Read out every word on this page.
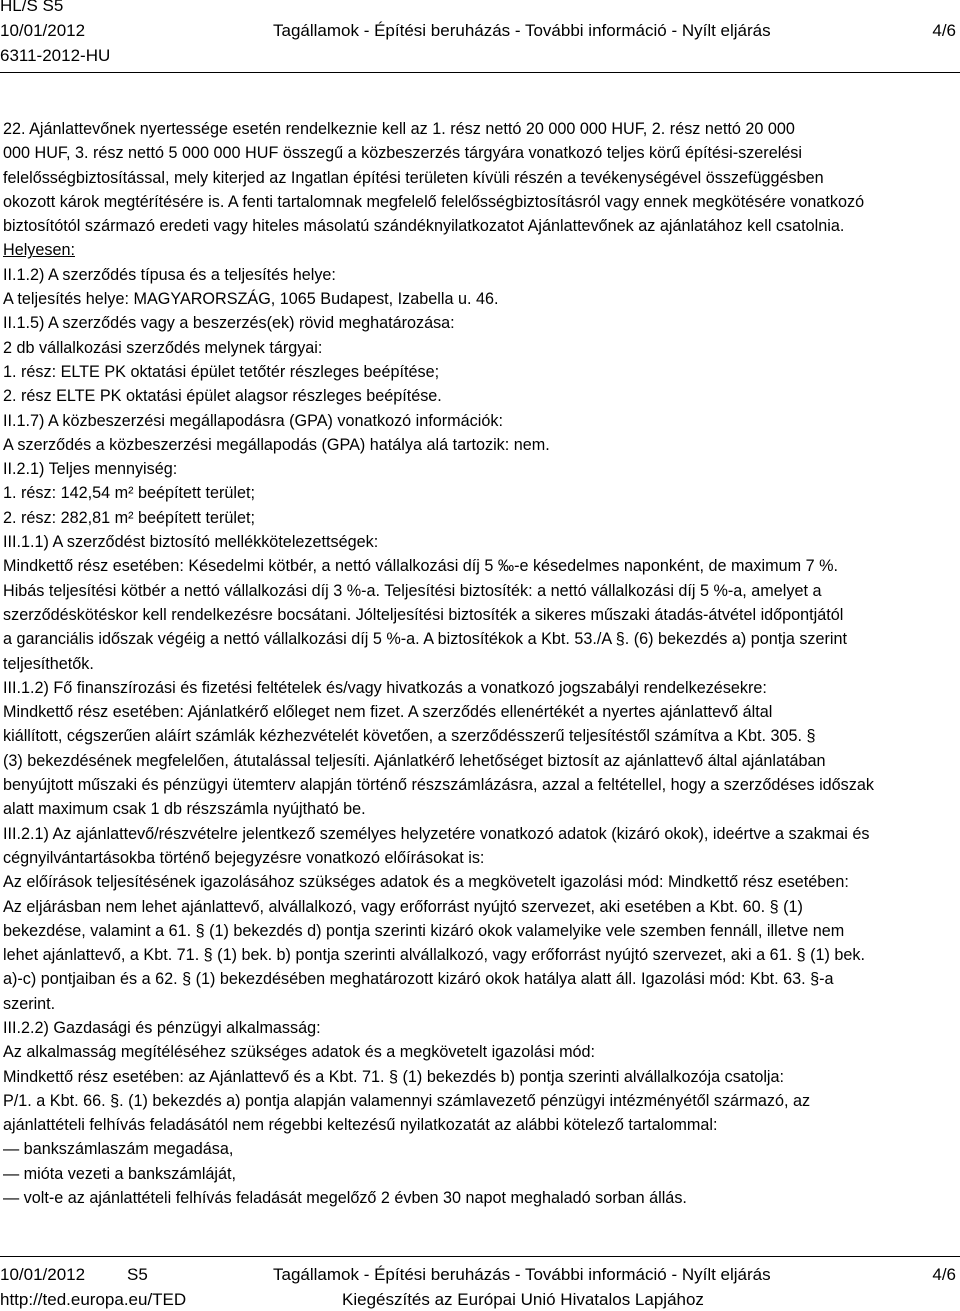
HL/S S5
10/01/2012	Tagállamok - Építési beruházás - További információ - Nyílt eljárás	4/6
6311-2012-HU

22. Ajánlattevőnek nyertessége esetén rendelkeznie kell az 1. rész nettó 20 000 000 HUF, 2. rész nettó 20 000

000 HUF, 3. rész nettó 5 000 000 HUF összegű a közbeszerzés tárgyára vonatkozó teljes körű építési-szerelési

felelősségbiztosítással, mely kiterjed az Ingatlan építési területen kívüli részén a tevékenységével összefüggésben

okozott károk megtérítésére is. A fenti tartalomnak megfelelő felelősségbiztosításról vagy ennek megkötésére vonatkozó

biztosítótól származó eredeti vagy hiteles másolatú szándéknyilatkozatot Ajánlattevőnek az ajánlatához kell csatolnia.

Helyesen:

II.1.2) A szerződés típusa és a teljesítés helye:

A teljesítés helye: MAGYARORSZÁG, 1065 Budapest, Izabella u. 46.

II.1.5) A szerződés vagy a beszerzés(ek) rövid meghatározása:

2 db vállalkozási szerződés melynek tárgyai:

1. rész: ELTE PK oktatási épület tetőtér részleges beépítése;

2. rész ELTE PK oktatási épület alagsor részleges beépítése.

II.1.7) A közbeszerzési megállapodásra (GPA) vonatkozó információk:

A szerződés a közbeszerzési megállapodás (GPA) hatálya alá tartozik: nem.

II.2.1) Teljes mennyiség:

1. rész: 142,54 m² beépített terület;

2. rész: 282,81 m² beépített terület;

III.1.1) A szerződést biztosító mellékkötelezettségek:

Mindkettő rész esetében: Késedelmi kötbér, a nettó vállalkozási díj 5 ‰-e késedelmes naponként, de maximum 7 %.

Hibás teljesítési kötbér a nettó vállalkozási díj 3 %-a. Teljesítési biztosíték: a nettó vállalkozási díj 5 %-a, amelyet a

szerződéskötéskor kell rendelkezésre bocsátani. Jólteljesítési biztosíték a sikeres műszaki átadás-átvétel időpontjától

a garanciális időszak végéig a nettó vállalkozási díj 5 %-a. A biztosítékok a Kbt. 53./A §. (6) bekezdés a) pontja szerint

teljesíthetők.

III.1.2) Fő finanszírozási és fizetési feltételek és/vagy hivatkozás a vonatkozó jogszabályi rendelkezésekre:

Mindkettő rész esetében: Ajánlatkérő előleget nem fizet. A szerződés ellenértékét a nyertes ajánlattevő által

kiállított, cégszerűen aláírt számlák kézhezvételét követően, a szerződésszerű teljesítéstől számítva a Kbt. 305. §

(3) bekezdésének megfelelően, átutalással teljesíti. Ajánlatkérő lehetőséget biztosít az ajánlattevő által ajánlatában

benyújtott műszaki és pénzügyi ütemterv alapján történő részszámlázásra, azzal a feltétellel, hogy a szerződéses időszak

alatt maximum csak 1 db részszámla nyújtható be.

III.2.1) Az ajánlattevő/részvételre jelentkező személyes helyzetére vonatkozó adatok (kizáró okok), ideértve a szakmai és

cégnyilvántartásokba történő bejegyzésre vonatkozó előírásokat is:

Az előírások teljesítésének igazolásához szükséges adatok és a megkövetelt igazolási mód: Mindkettő rész esetében:

Az eljárásban nem lehet ajánlattevő, alvállalkozó, vagy erőforrást nyújtó szervezet, aki esetében a Kbt. 60. § (1)

bekezdése, valamint a 61. § (1) bekezdés d) pontja szerinti kizáró okok valamelyike vele szemben fennáll, illetve nem

lehet ajánlattevő, a Kbt. 71. § (1) bek. b) pontja szerinti alvállalkozó, vagy erőforrást nyújtó szervezet, aki a 61. § (1) bek.

a)-c) pontjaiban és a 62. § (1) bekezdésében meghatározott kizáró okok hatálya alatt áll. Igazolási mód: Kbt. 63. §-a

szerint.

III.2.2) Gazdasági és pénzügyi alkalmasság:

Az alkalmasság megítéléséhez szükséges adatok és a megkövetelt igazolási mód:

Mindkettő rész esetében: az Ajánlattevő és a Kbt. 71. § (1) bekezdés b) pontja szerinti alvállalkozója csatolja:

P/1. a Kbt. 66. §. (1) bekezdés a) pontja alapján valamennyi számlavezető pénzügyi intézményétől származó, az

ajánlattételi felhívás feladásától nem régebbi keltezésű nyilatkozatát az alábbi kötelező tartalommal:

— bankszámlaszám megadása,

— mióta vezeti a bankszámláját,

— volt-e az ajánlattételi felhívás feladását megelőző 2 évben 30 napot meghaladó sorban állás.

10/01/2012 S5	Tagállamok - Építési beruházás - További információ - Nyílt eljárás	4/6
http://ted.europa.eu/TED	Kiegészítés az Európai Unió Hivatalos Lapjához
